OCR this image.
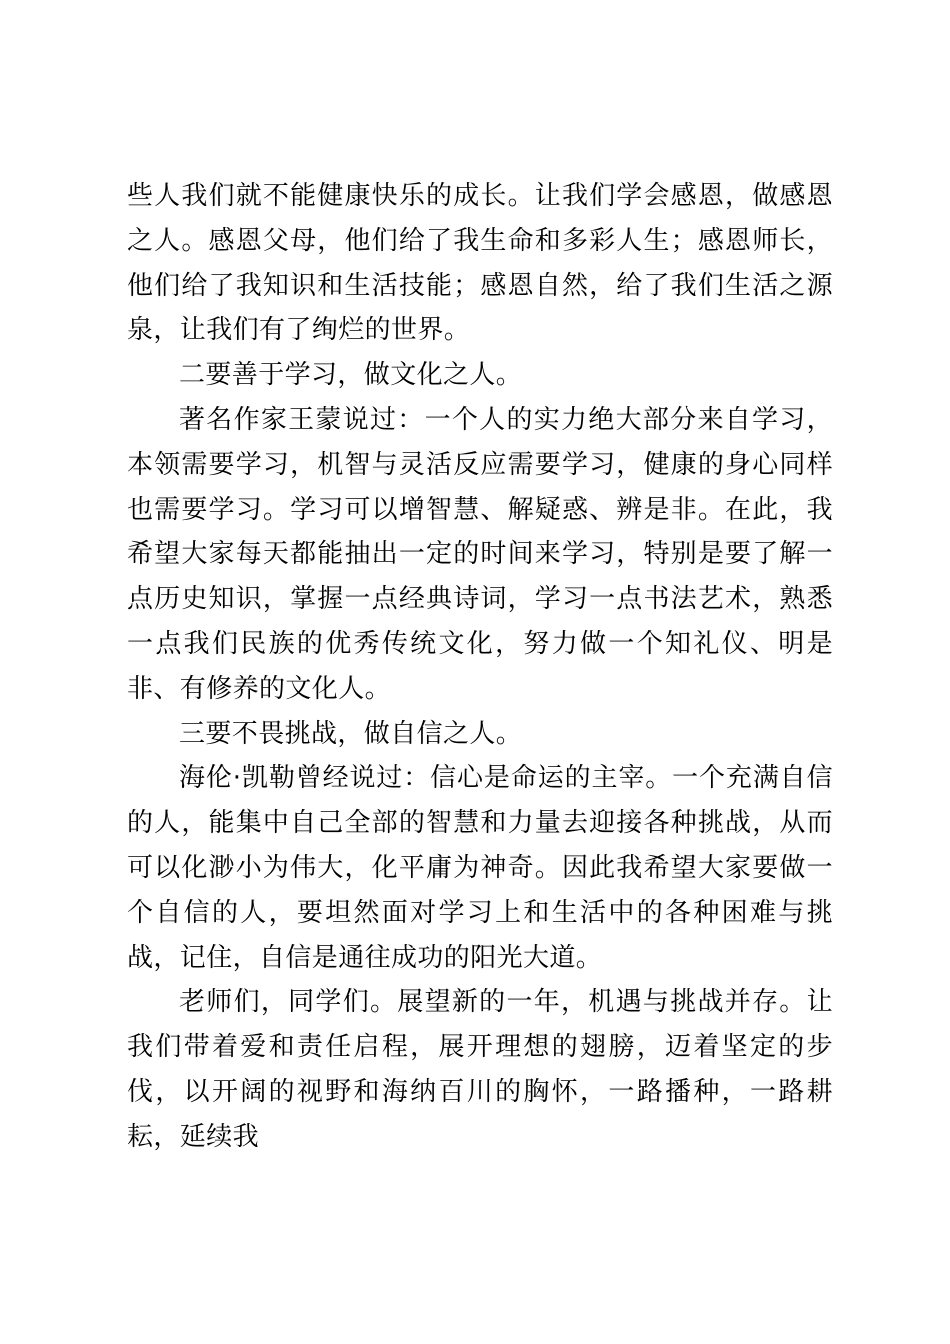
些人我们就不能健康快乐的成长。让我们学会感恩，做感恩之人。感恩父母，他们给了我生命和多彩人生；感恩师长，他们给了我知识和生活技能；感恩自然，给了我们生活之源泉，让我们有了绚烂的世界。

二要善于学习，做文化之人。

著名作家王蒙说过：一个人的实力绝大部分来自学习，本领需要学习，机智与灵活反应需要学习，健康的身心同样也需要学习。学习可以增智慧、解疑惑、辨是非。在此，我希望大家每天都能抽出一定的时间来学习，特别是要了解一点历史知识，掌握一点经典诗词，学习一点书法艺术，熟悉一点我们民族的优秀传统文化，努力做一个知礼仪、明是非、有修养的文化人。

三要不畏挑战，做自信之人。

海伦·凯勒曾经说过：信心是命运的主宰。一个充满自信的人，能集中自己全部的智慧和力量去迎接各种挑战，从而可以化渺小为伟大，化平庸为神奇。因此我希望大家要做一个自信的人，要坦然面对学习上和生活中的各种困难与挑战，记住，自信是通往成功的阳光大道。

老师们，同学们。展望新的一年，机遇与挑战并存。让我们带着爱和责任启程，展开理想的翅膀，迈着坚定的步伐，以开阔的视野和海纳百川的胸怀，一路播种，一路耕耘，延续我
